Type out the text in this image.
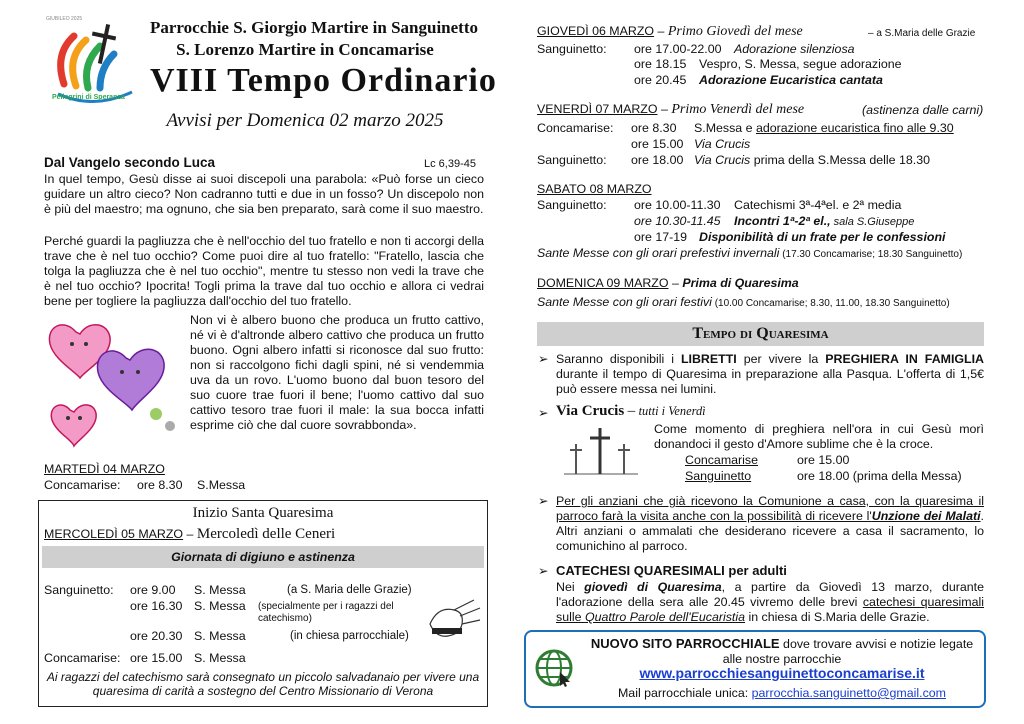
Pellegrini di Speranza
GIUBILEO 2025	Parrocchie S. Giorgio Martire in Sanguinetto
S. Lorenzo Martire in Concamarise
VIII Tempo Ordinario
Avvisi per Domenica 02 marzo 2025
Dal Vangelo secondo Luca	Lc 6,39-45
In quel tempo, Gesù disse ai suoi discepoli una parabola: «Può forse un cieco guidare un altro cieco? Non cadranno tutti e due in un fosso? Un discepolo non è più del maestro; ma ognuno, che sia ben preparato, sarà come il suo maestro.
Perché guardi la pagliuzza che è nell'occhio del tuo fratello e non ti accorgi della trave che è nel tuo occhio? Come puoi dire al tuo fratello: "Fratello, lascia che tolga la pagliuzza che è nel tuo occhio", mentre tu stesso non vedi la trave che è nel tuo occhio? Ipocrita! Togli prima la trave dal tuo occhio e allora ci vedrai bene per togliere la pagliuzza dall'occhio del tuo fratello.
Non vi è albero buono che produca un frutto cattivo, né vi è d'altronde albero cattivo che produca un frutto buono. Ogni albero infatti si riconosce dal suo frutto: non si raccolgono fichi dagli spini, né si vendemmia uva da un rovo. L'uomo buono dal buon tesoro del suo cuore trae fuori il bene; l'uomo cattivo dal suo cattivo tesoro trae fuori il male: la sua bocca infatti esprime ciò che dal cuore sovrabbonda».
MARTEDÌ 04 MARZO
Concamarise: ore 8.30 S.Messa
Inizio Santa Quaresima
MERCOLEDÌ 05 MARZO – Mercoledì delle Ceneri
Giornata di digiuno e astinenza
Sanguinetto: ore 9.00 S. Messa	(a S. Maria delle Grazie)
ore 16.30 S. Messa (specialmente per i ragazzi del catechismo)
ore 20.30 S. Messa	(in chiesa parrocchiale)
Concamarise: ore 15.00 S. Messa
Ai ragazzi del catechismo sarà consegnato un piccolo salvadanaio per vivere una quaresima di carità a sostegno del Centro Missionario di Verona
GIOVEDÌ 06 MARZO – Primo Giovedì del mese	– a S.Maria delle Grazie
Sanguinetto: ore 17.00-22.00 Adorazione silenziosa
ore 18.15 Vespro, S. Messa, segue adorazione
ore 20.45 Adorazione Eucaristica cantata
VENERDÌ 07 MARZO – Primo Venerdì del mese	(astinenza dalle carni)
Concamarise: ore 8.30 S.Messa e adorazione eucaristica fino alle 9.30
ore 15.00 Via Crucis
Sanguinetto: ore 18.00 Via Crucis prima della S.Messa delle 18.30
SABATO 08 MARZO
Sanguinetto: ore 10.00-11.30 Catechismi 3ª-4ªel. e 2ª media
ore 10.30-11.45 Incontri 1ª-2ª el., sala S.Giuseppe
ore 17-19 Disponibilità di un frate per le confessioni
Sante Messe con gli orari prefestivi invernali (17.30 Concamarise; 18.30 Sanguinetto)
DOMENICA 09 MARZO – Prima di Quaresima
Sante Messe con gli orari festivi (10.00 Concamarise; 8.30, 11.00, 18.30 Sanguinetto)
Tempo di Quaresima
➢ Saranno disponibili i LIBRETTI per vivere la PREGHIERA IN FAMIGLIA durante il tempo di Quaresima in preparazione alla Pasqua. L'offerta di 1,5€ può essere messa nei lumini.
➢ Via Crucis – tutti i Venerdì
Come momento di preghiera nell'ora in cui Gesù morì donandoci il gesto d'Amore sublime che è la croce.
Concamarise	ore 15.00
Sanguinetto	ore 18.00 (prima della Messa)
➢ Per gli anziani che già ricevono la Comunione a casa, con la quaresima il parroco farà la visita anche con la possibilità di ricevere l'Unzione dei Malati. Altri anziani o ammalati che desiderano ricevere a casa il sacramento, lo comunichino al parroco.
➢ CATECHESI QUARESIMALI per adulti
Nei giovedì di Quaresima, a partire da Giovedì 13 marzo, durante l'adorazione della sera alle 20.45 vivremo delle brevi catechesi quaresimali sulle Quattro Parole dell'Eucaristia in chiesa di S.Maria delle Grazie.
NUOVO SITO PARROCCHIALE dove trovare avvisi e notizie legate alle nostre parrocchie
www.parrocchiesanguinettoconcamarise.it
Mail parrocchiale unica: parrocchia.sanguinetto@gmail.com
